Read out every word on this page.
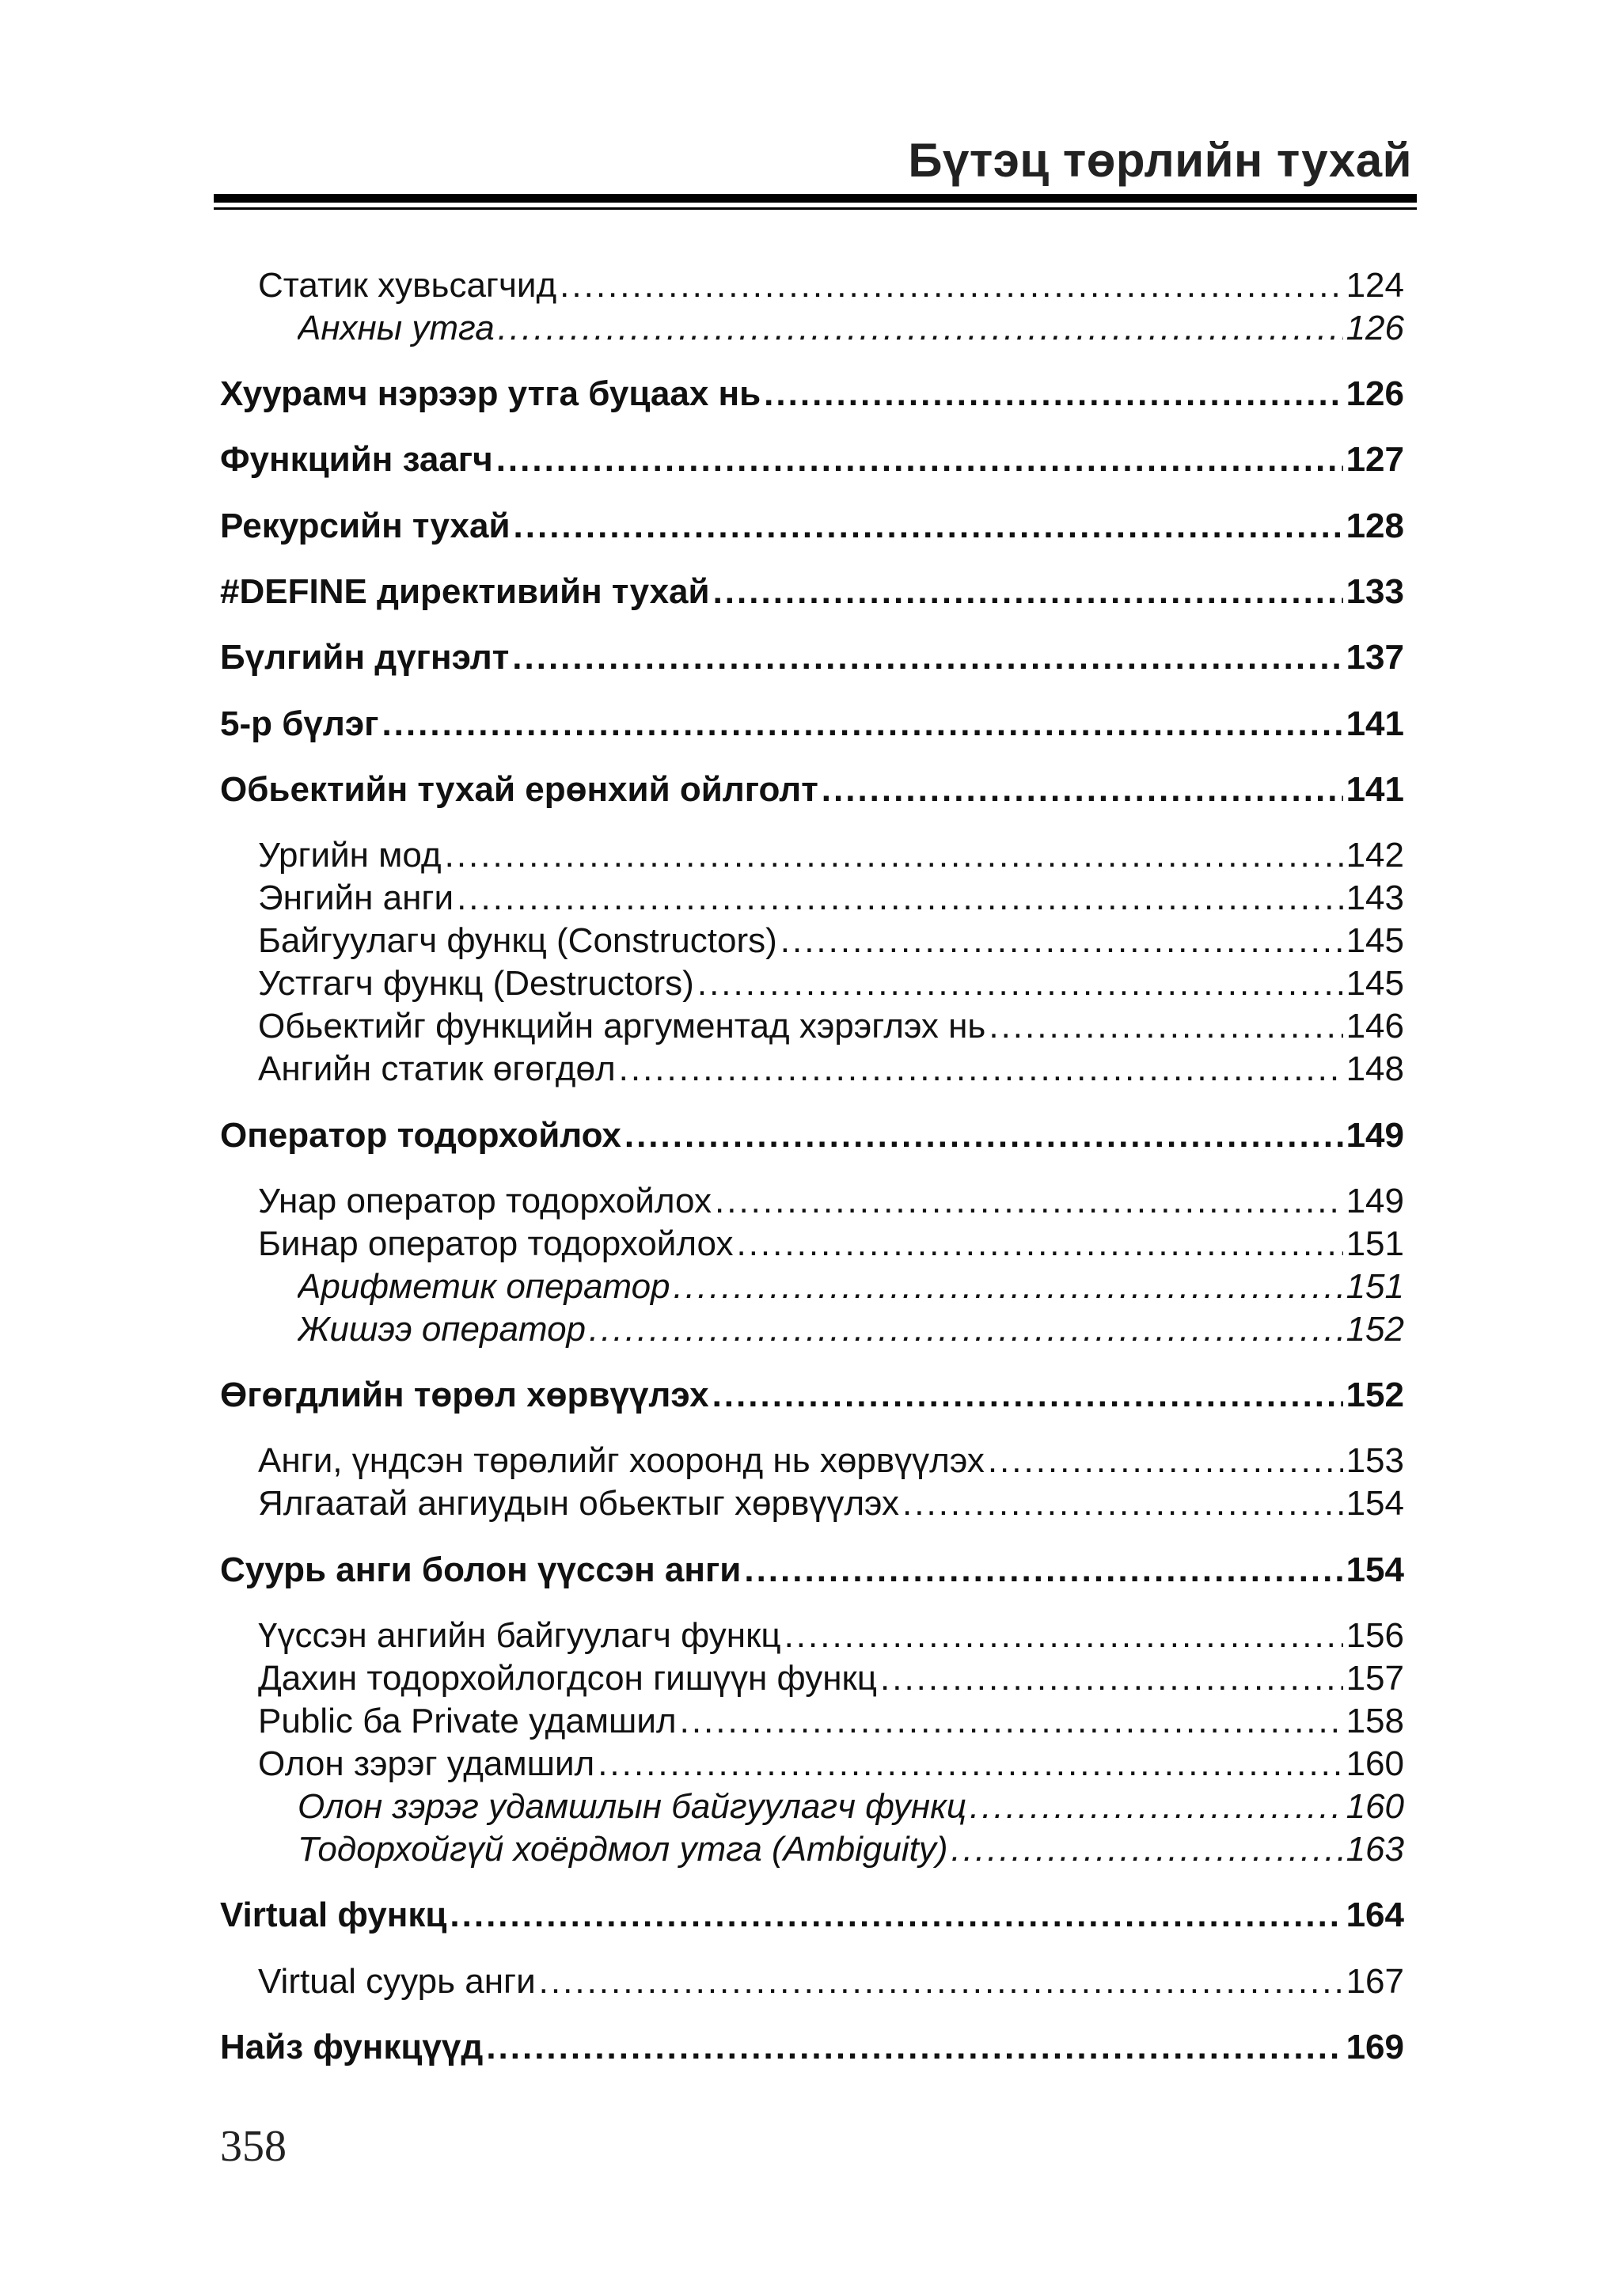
Бүтэц төрлийн тухай
Статик хувьсагчид .....	124
Анхны утга .....	126
Хуурамч нэрээр утга буцаах нь .....	126
Функцийн заагч .....	127
Рекурсийн тухай .....	128
#DEFINE директивийн тухай .....	133
Бүлгийн дүгнэлт .....	137
5-р бүлэг .....	141
Обьектийн тухай ерөнхий ойлголт .....	141
Ургийн мод .....	142
Энгийн анги .....	143
Байгуулагч функц (Constructors) .....	145
Устгагч функц (Destructors) .....	145
Обьектийг функцийн аргументад хэрэглэх нь .....	146
Ангийн статик өгөгдөл .....	148
Оператор тодорхойлох .....	149
Унар оператор тодорхойлох .....	149
Бинар оператор тодорхойлох .....	151
Арифметик оператор .....	151
Жишээ оператор .....	152
Өгөгдлийн төрөл хөрвүүлэх .....	152
Анги, үндсэн төрөлийг хооронд нь хөрвүүлэх .....	153
Ялгаатай ангиудын обьектыг хөрвүүлэх .....	154
Суурь анги болон үүссэн анги .....	154
Үүссэн ангийн байгуулагч функц .....	156
Дахин тодорхойлогдсон гишүүн функц .....	157
Public ба Private удамшил .....	158
Олон зэрэг удамшил .....	160
Олон зэрэг удамшлын байгуулагч функц .....	160
Тодорхойгүй хоёрдмол утга (Ambiguity) .....	163
Virtual функц .....	164
Virtual суурь анги .....	167
Найз функцүүд .....	169
358
